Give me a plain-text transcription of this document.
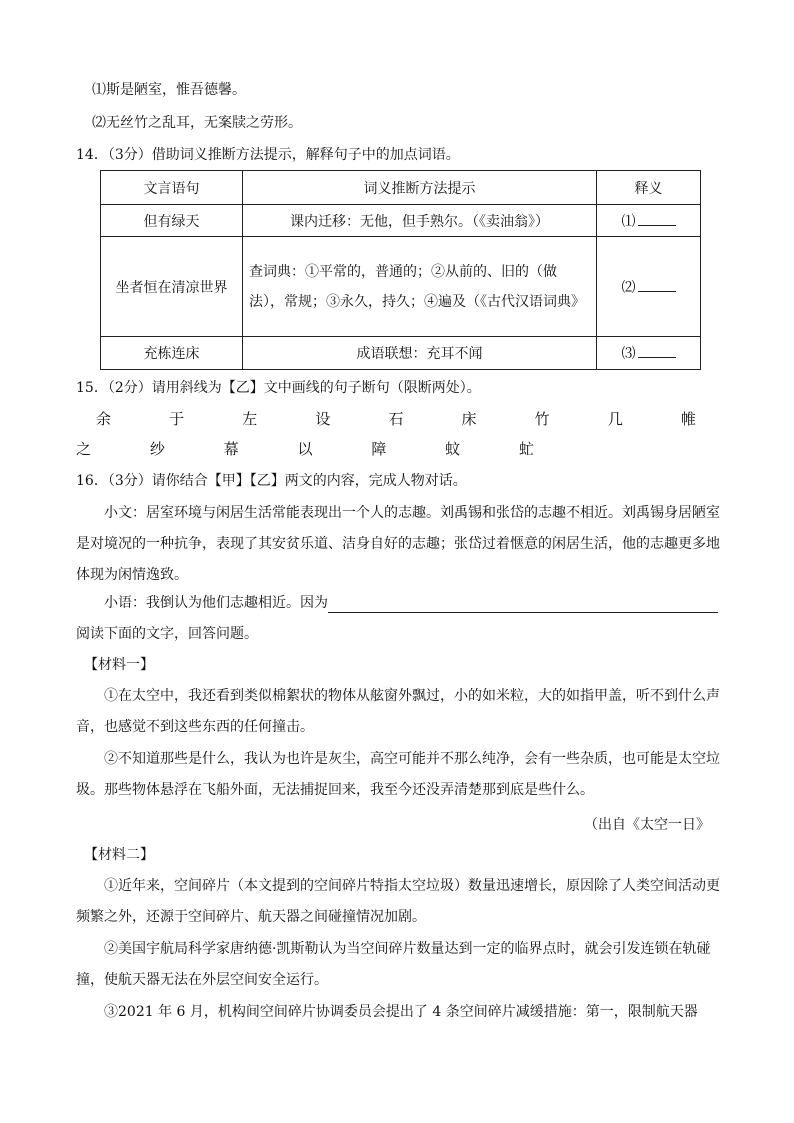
⑴斯是陋室，惟吾德馨。
⑵无丝竹之乱耳，无案牍之劳形。
14．（3分）借助词义推断方法提示，解释句子中的加点词语。
文言语句	词义推断方法提示	释义
但有绿天	课内迁移：无他，但手熟尔。（《卖油翁》）	⑴
坐者恒在清凉世界	查词典：①平常的，普通的；②从前的、旧的（做法），常规；③永久，持久；④遍及（《古代汉语词典》	⑵
充栋连床	成语联想：充耳不闻	⑶
15．（2分）请用斜线为【乙】文中画线的句子断句（限断两处）。
余	于	左	设	石	床	竹	几	帷
之	纱	幕	以	障	蚊	虻
16．（3分）请你结合【甲】【乙】两文的内容，完成人物对话。
小文：居室环境与闲居生活常能表现出一个人的志趣。刘禹锡和张岱的志趣不相近。刘禹锡身居陋室是对境况的一种抗争，表现了其安贫乐道、洁身自好的志趣；张岱过着惬意的闲居生活，他的志趣更多地体现为闲情逸致。
小语：我倒认为他们志趣相近。因为
阅读下面的文字，回答问题。
【材料一】
①在太空中，我还看到类似棉絮状的物体从舷窗外飘过，小的如米粒，大的如指甲盖，听不到什么声音，也感觉不到这些东西的任何撞击。
②不知道那些是什么，我认为也许是灰尘，高空可能并不那么纯净，会有一些杂质，也可能是太空垃圾。那些物体悬浮在飞船外面，无法捕捉回来，我至今还没弄清楚那到底是些什么。
（出自《太空一日》
【材料二】
①近年来，空间碎片（本文提到的空间碎片特指太空垃圾）数量迅速增长，原因除了人类空间活动更频繁之外，还源于空间碎片、航天器之间碰撞情况加剧。
②美国宇航局科学家唐纳德·凯斯勒认为当空间碎片数量达到一定的临界点时，就会引发连锁在轨碰撞，使航天器无法在外层空间安全运行。
③2021 年 6 月，机构间空间碎片协调委员会提出了 4 条空间碎片减缓措施：第一，限制航天器
